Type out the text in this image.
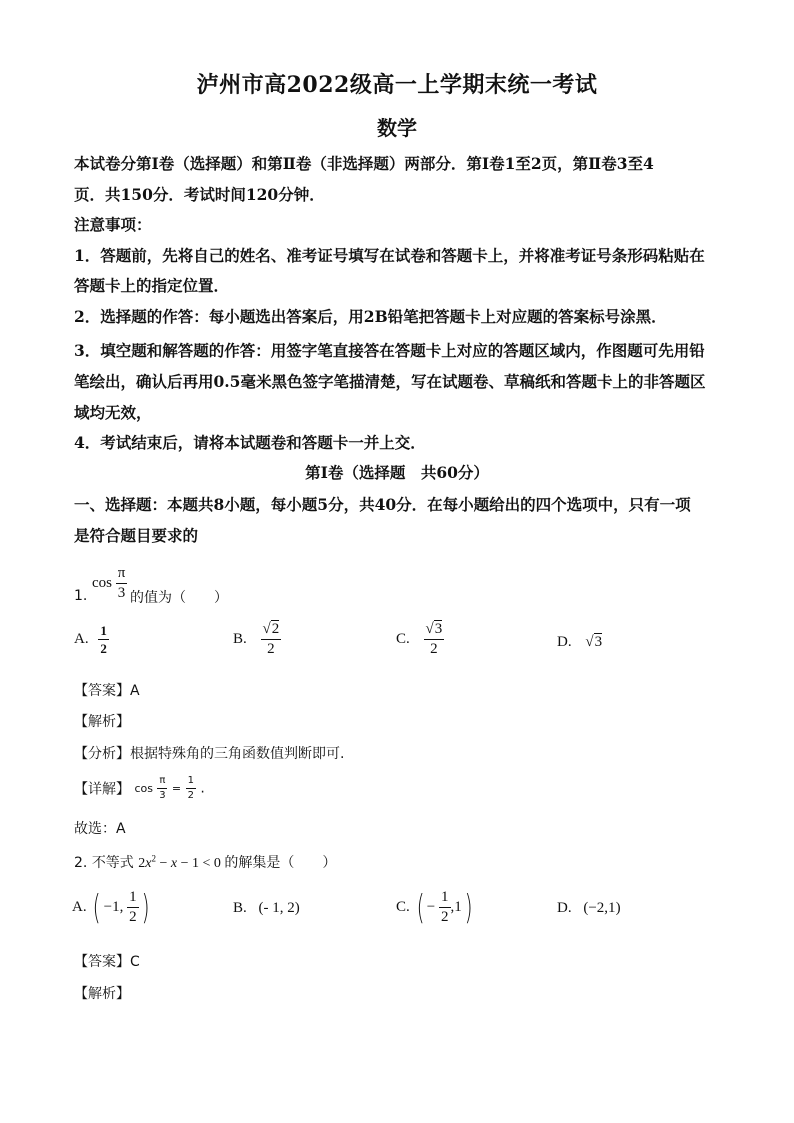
泸州市高2022级高一上学期末统一考试
数学
本试卷分第Ⅰ卷（选择题）和第Ⅱ卷（非选择题）两部分．第Ⅰ卷1至2页，第Ⅱ卷3至4
页．共150分．考试时间120分钟．
注意事项：
1．答题前，先将自己的姓名、准考证号填写在试卷和答题卡上，并将准考证号条形码粘贴在
答题卡上的指定位置．
2．选择题的作答：每小题选出答案后，用2B铅笔把答题卡上对应题的答案标号涂黑．
3．填空题和解答题的作答：用签字笔直接答在答题卡上对应的答题区域内，作图题可先用铅
笔绘出，确认后再用0.5毫米黑色签字笔描清楚，写在试题卷、草稿纸和答题卡上的非答题区
域均无效，
4．考试结束后，请将本试题卷和答题卡一并上交．
第Ⅰ卷（选择题　共60分）
一、选择题：本题共8小题，每小题5分，共40分．在每小题给出的四个选项中，只有一项
是符合题目要求的
1.
$\cos \frac{\pi}{3}$ 的值为（　　）
A. $\frac{1}{2}$	B. $\frac{√2}{2}$	C. $\frac{√3}{2}$	D. √3
【答案】A
【解析】
【分析】根据特殊角的三角函数值判断即可.
【详解】 $\cos \frac{\pi}{3} = \frac{1}{2}$ .
故选：A
2. 不等式 $2x^2 - x - 1 < 0$ 的解集是（　　）
A. ( −1, $\frac{1}{2}$ )	B. (- 1, 2)	C. ( − $\frac{1}{2} ,1$)	D. (−2,1)
【答案】C
【解析】
